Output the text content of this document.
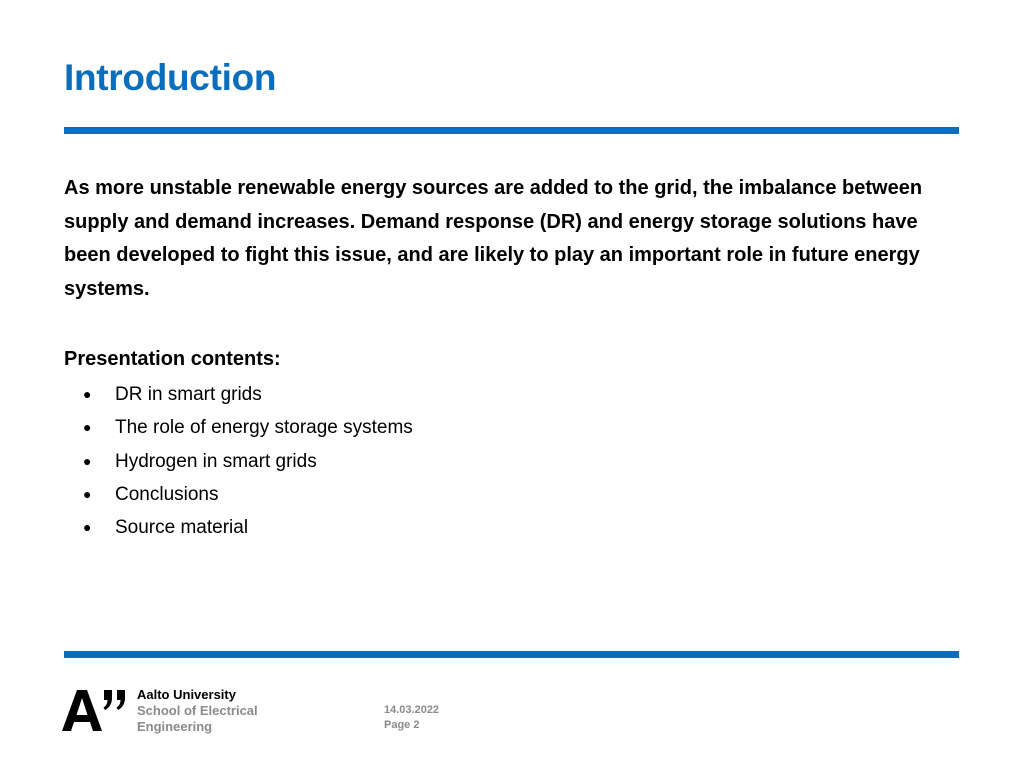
Introduction

As more unstable renewable energy sources are added to the grid, the imbalance between supply and demand increases. Demand response (DR) and energy storage solutions have been developed to fight this issue, and are likely to play an important role in future energy systems.

Presentation contents:

● DR in smart grids
● The role of energy storage systems
● Hydrogen in smart grids
● Conclusions
● Source material
Aalto University
School of Electrical
Engineering
14.03.2022
Page 2
